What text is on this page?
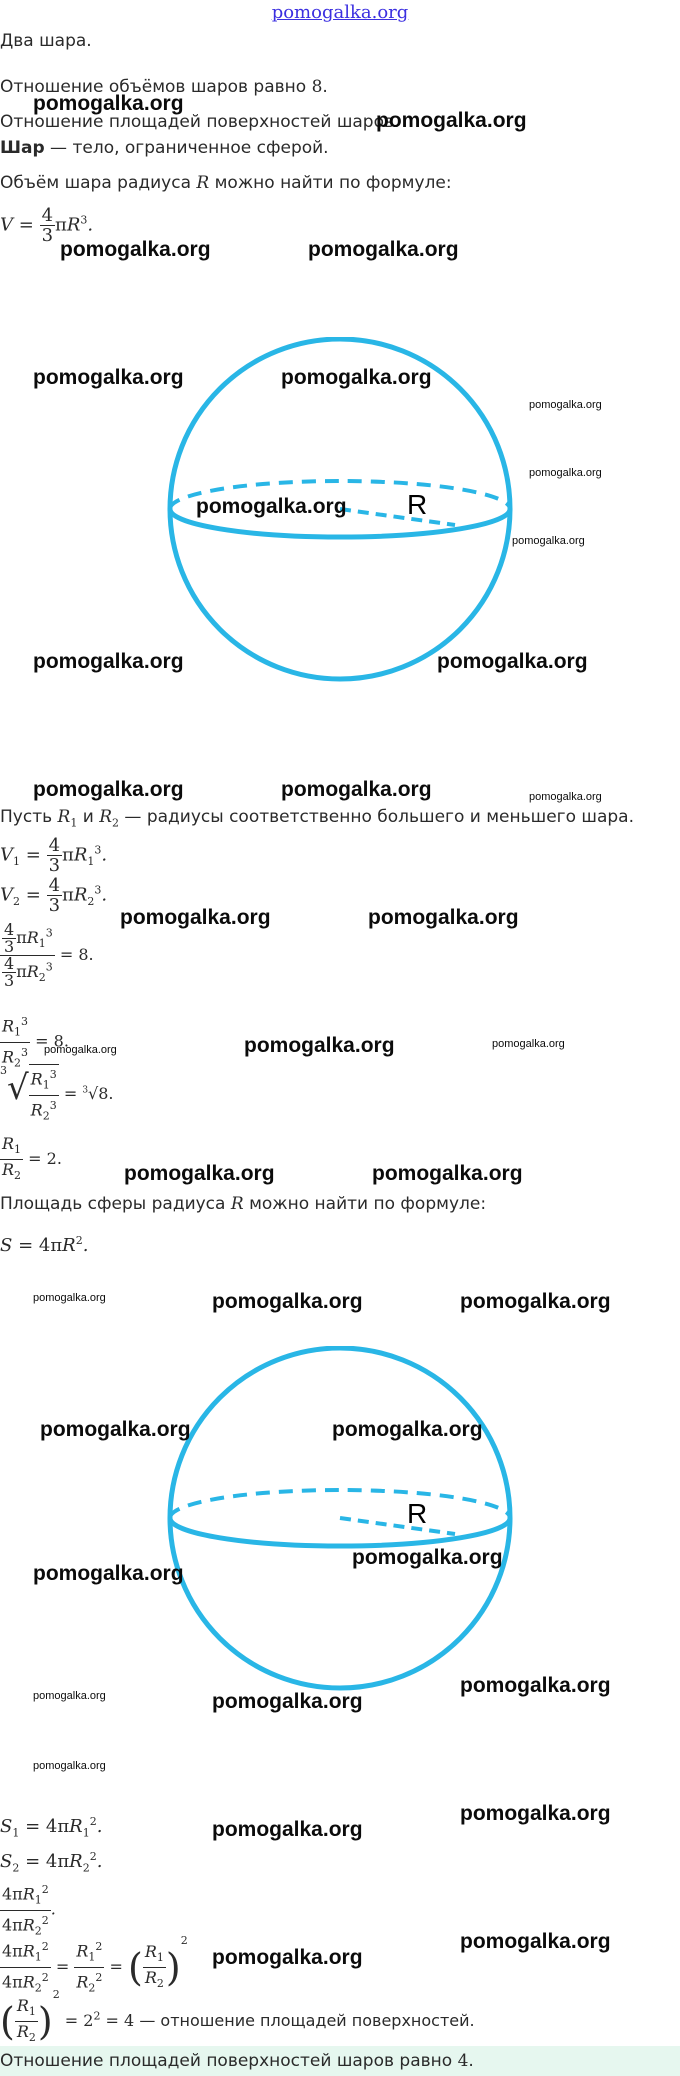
pomogalka.org
Два шара.
Отношение объёмов шаров равно 8.
Отношение площадей поверхностей шаров.
Шар — тело, ограниченное сферой.
Объём шара радиуса R можно найти по формуле:
$V = \frac{4}{3} \pi R^3$.
R
Пусть $R_1$ и $R_2$ — радиусы соответственно большего и меньшего шара.
$V_1 = \frac{4}{3} \pi R_1^3$.
$V_2 = \frac{4}{3} \pi R_2^3$.
$\frac{\frac{4}{3} \pi R_1^3}{\frac{4}{3} \pi R_2^3} = 8$.
$\frac{R_1^3}{R_2^3} = 8$.
$^3√ \frac{R_1^3}{R_2^3} = ^3√8$.
$\frac{R_1}{R_2} = 2$.
Площадь сферы радиуса R можно найти по формуле:
$S = 4\pi R^2$.
R
$S_1 = 4\pi R_1^2$.
$S_2 = 4\pi R_2^2$.
$\frac{4\pi R_1^2}{4\pi R_2^2}$ .
$\frac{4\pi R_1^2}{4\pi R_2^2} = \frac{R_1^2}{R_2^2}$ = ( $\frac{R_1}{R_2} )^2$
( $\frac{R_1}{R_2} )^2 = 2^2 = 4$ — отношение площадей поверхностей.
Отношение площадей поверхностей шаров равно 4.
pomogalka.org
pomogalka.org
pomogalka.org	pomogalka.org
pomogalka.org	pomogalka.org
pomogalka.org
pomogalka.org
pomogalka.org
pomogalka.org
pomogalka.org	pomogalka.org
pomogalka.org	pomogalka.org	pomogalka.org
pomogalka.org	pomogalka.org
pomogalka.org	pomogalka.org	pomogalka.org
pomogalka.org	pomogalka.org
pomogalka.org	pomogalka.org	pomogalka.org
pomogalka.org	pomogalka.org
pomogalka.org
pomogalka.org
pomogalka.org	pomogalka.org
pomogalka.org
pomogalka.org
pomogalka.org
pomogalka.org
pomogalka.org
pomogalka.org
